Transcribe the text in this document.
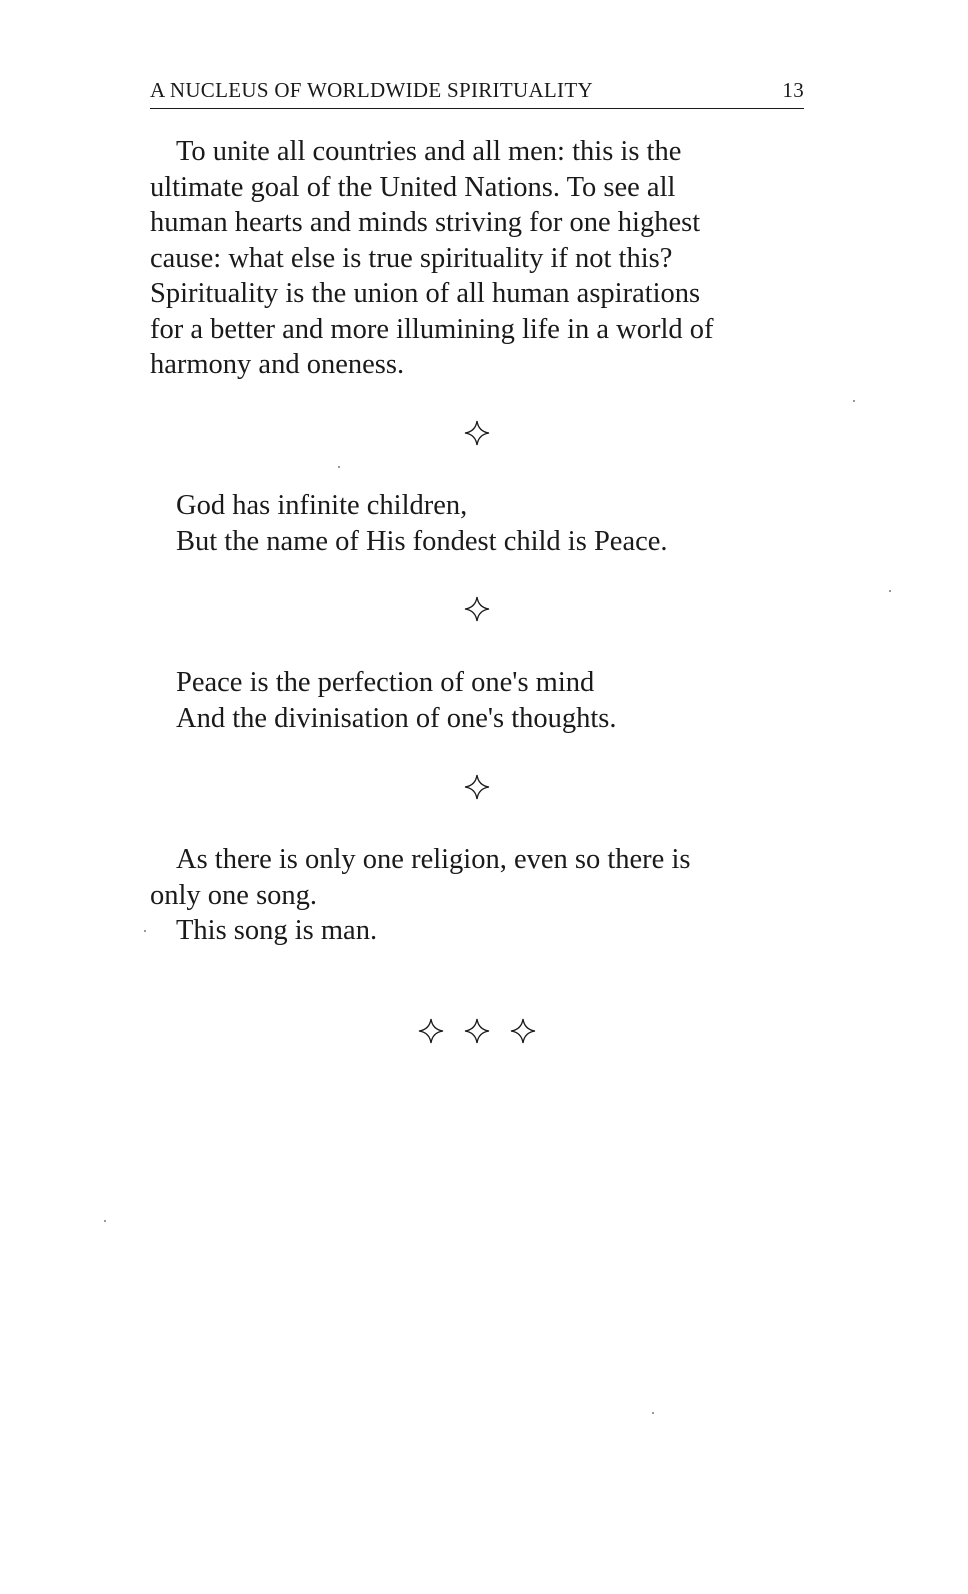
A NUCLEUS OF WORLDWIDE SPIRITUALITY	13
To unite all countries and all men: this is the
ultimate goal of the United Nations. To see all
human hearts and minds striving for one highest
cause: what else is true spirituality if not this?
Spirituality is the union of all human aspirations
for a better and more illumining life in a world of
harmony and oneness.
God has infinite children,
But the name of His fondest child is Peace.
Peace is the perfection of one's mind
And the divinisation of one's thoughts.
As there is only one religion, even so there is
only one song.
This song is man.
